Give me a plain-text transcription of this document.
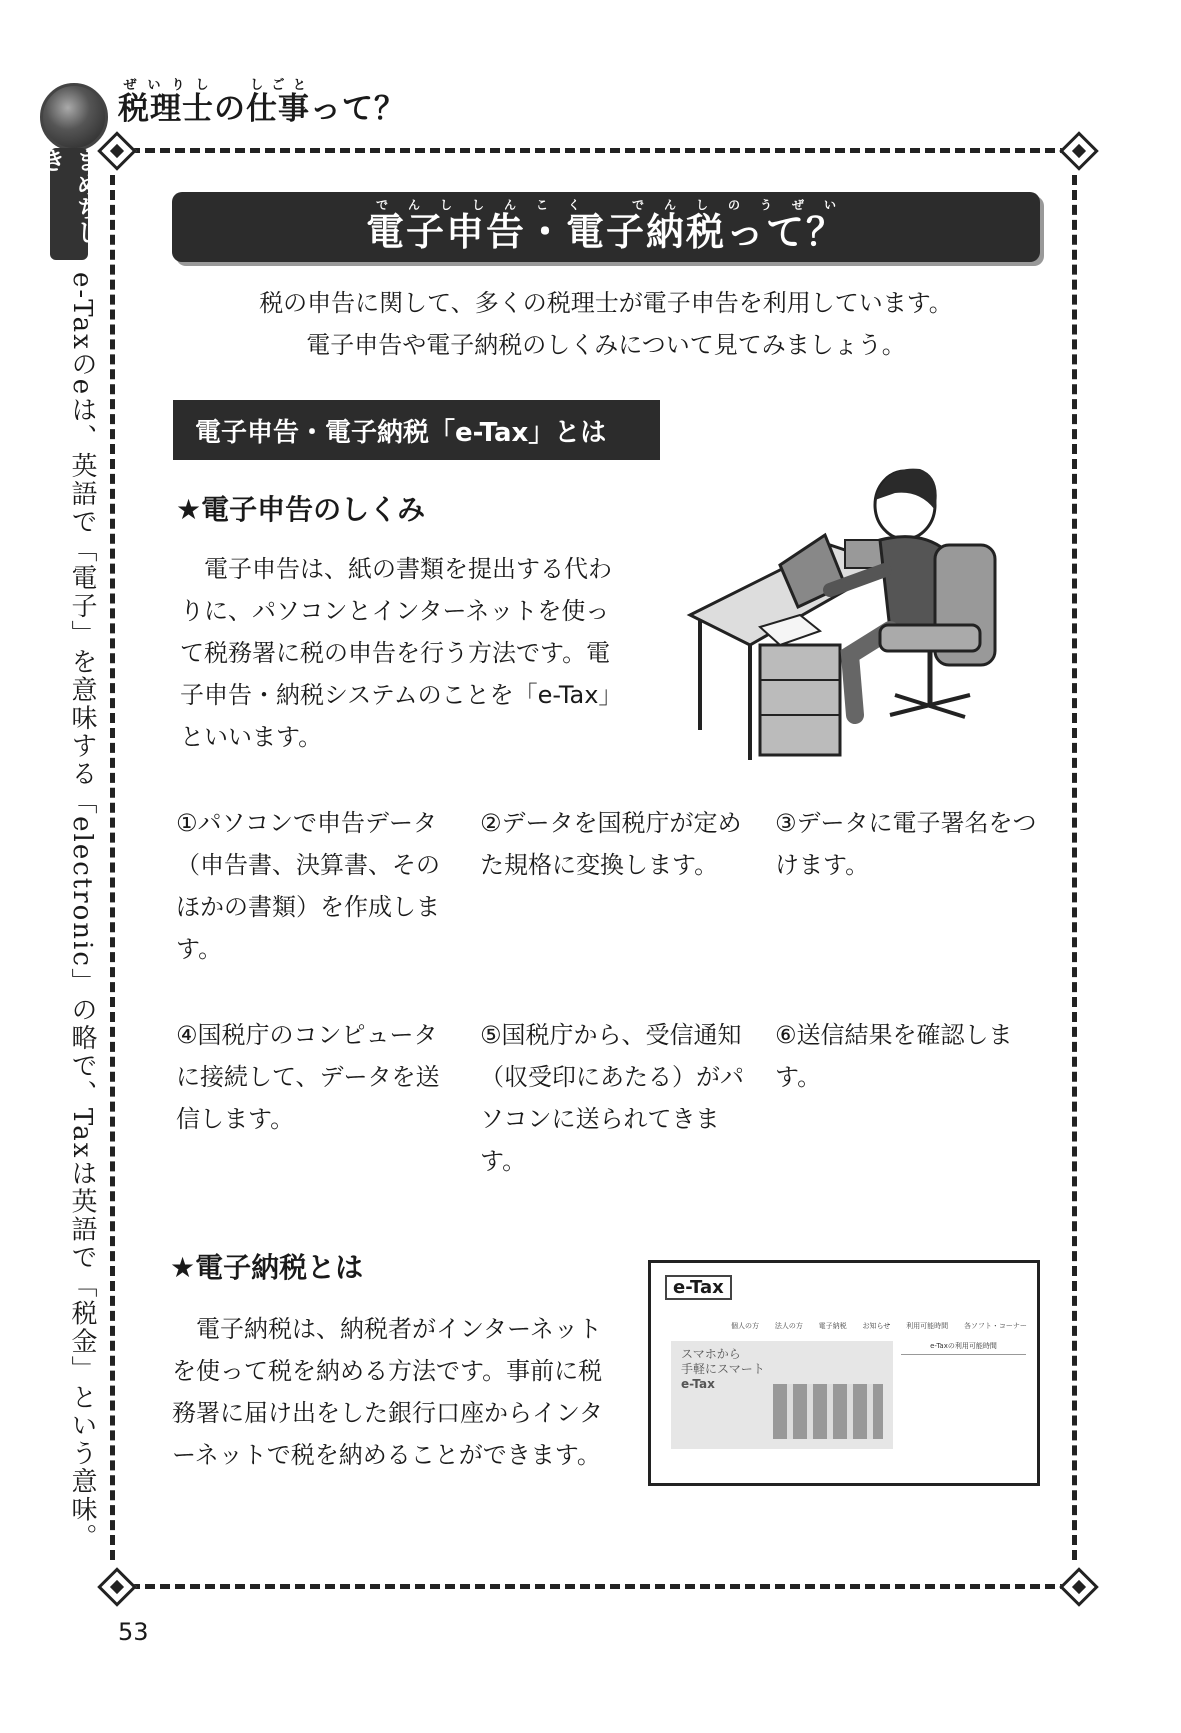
税理士ぜいりしの仕事しごとって？
まめちしき
e-Taxのeは、英語で「電子」を意味する「electronic」の略で、Taxは英語で「税金」という意味。
電子申告・電子納税って？でんししんこく　でんしのうぜい
税の申告に関して、多くの税理士が電子申告を利用しています。
電子申告や電子納税のしくみについて見てみましょう。
電子申告・電子納税「e-Tax」とは
★電子申告のしくみ
電子申告は、紙の書類を提出する代わ
りに、パソコンとインターネットを使っ
て税務署に税の申告を行う方法です。電
子申告・納税システムのことを「e-Tax」
といいます。
①パソコンで申告データ（申告書、決算書、そのほかの書類）を作成します。
②データを国税庁が定めた規格に変換します。
③データに電子署名をつけます。
④国税庁のコンピュータに接続して、データを送信します。
⑤国税庁から、受信通知（収受印にあたる）がパソコンに送られてきます。
⑥送信結果を確認します。
★電子納税とは
電子納税は、納税者がインターネット
を使って税を納める方法です。事前に税
務署に届け出をした銀行口座からインタ
ーネットで税を納めることができます。
e-Tax
個人の方 法人の方 電子納税 お知らせ 利用可能時間 各ソフト・コーナー
スマホから
手軽にスマート
e-Tax
e-Taxの利用可能時間
53
